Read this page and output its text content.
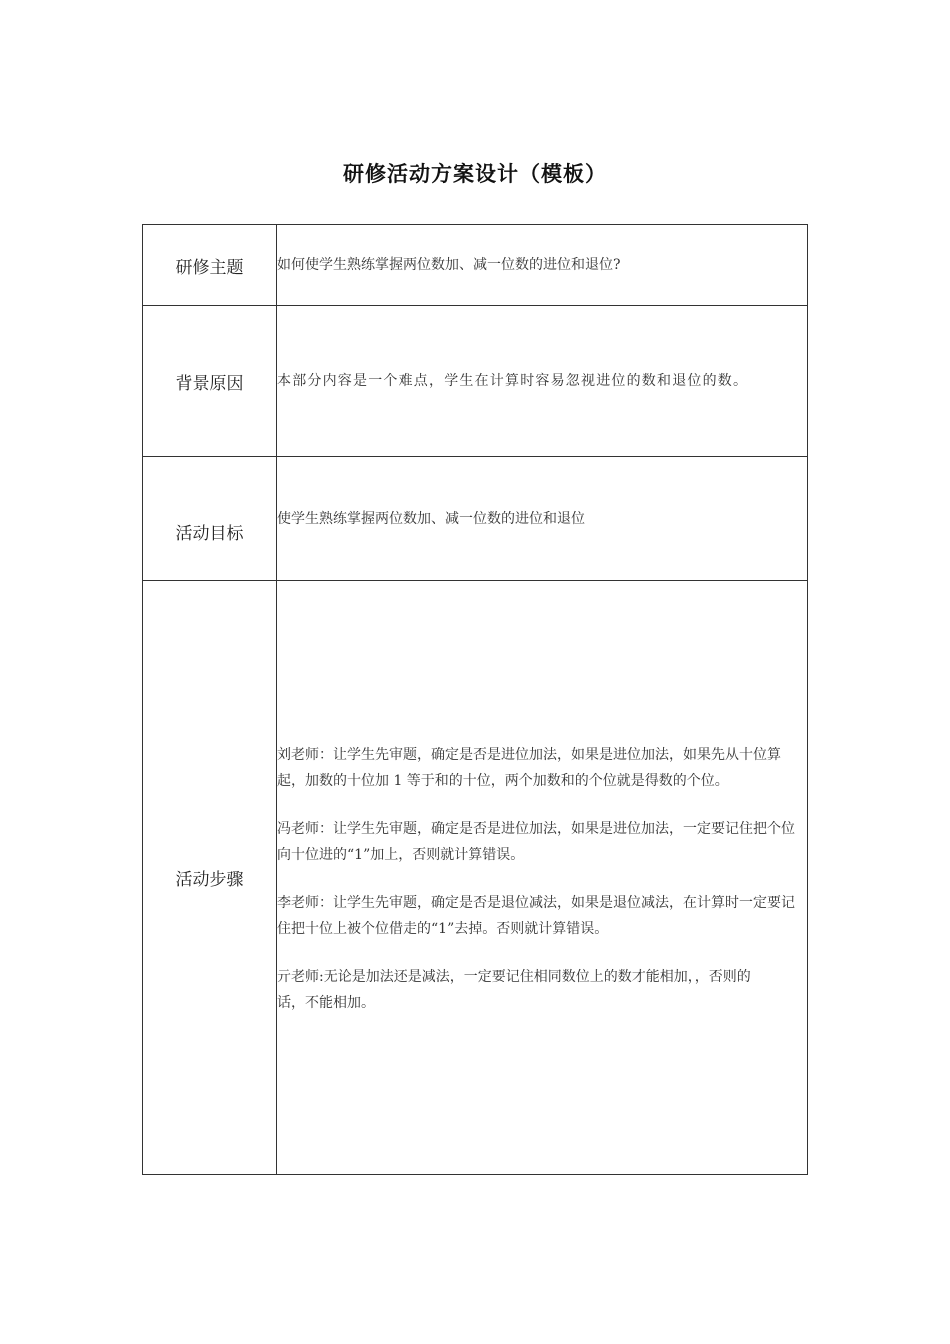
研修活动方案设计（模板）
研修主题	如何使学生熟练掌握两位数加、减一位数的进位和退位?
背景原因	本部分内容是一个难点，学生在计算时容易忽视进位的数和退位的数。

活动目标	使学生熟练掌握两位数加、减一位数的进位和退位

活动步骤	刘老师：让学生先审题，确定是否是进位加法，如果是进位加法，如果先从十位算起，加数的十位加 1 等于和的十位，两个加数和的个位就是得数的个位。

冯老师：让学生先审题，确定是否是进位加法，如果是进位加法，一定要记住把个位向十位进的“1”加上，否则就计算错误。

李老师：让学生先审题，确定是否是退位减法，如果是退位减法，在计算时一定要记住把十位上被个位借走的“1”去掉。否则就计算错误。

亓老师:无论是加法还是减法，一定要记住相同数位上的数才能相加，，否则的话，不能相加。
